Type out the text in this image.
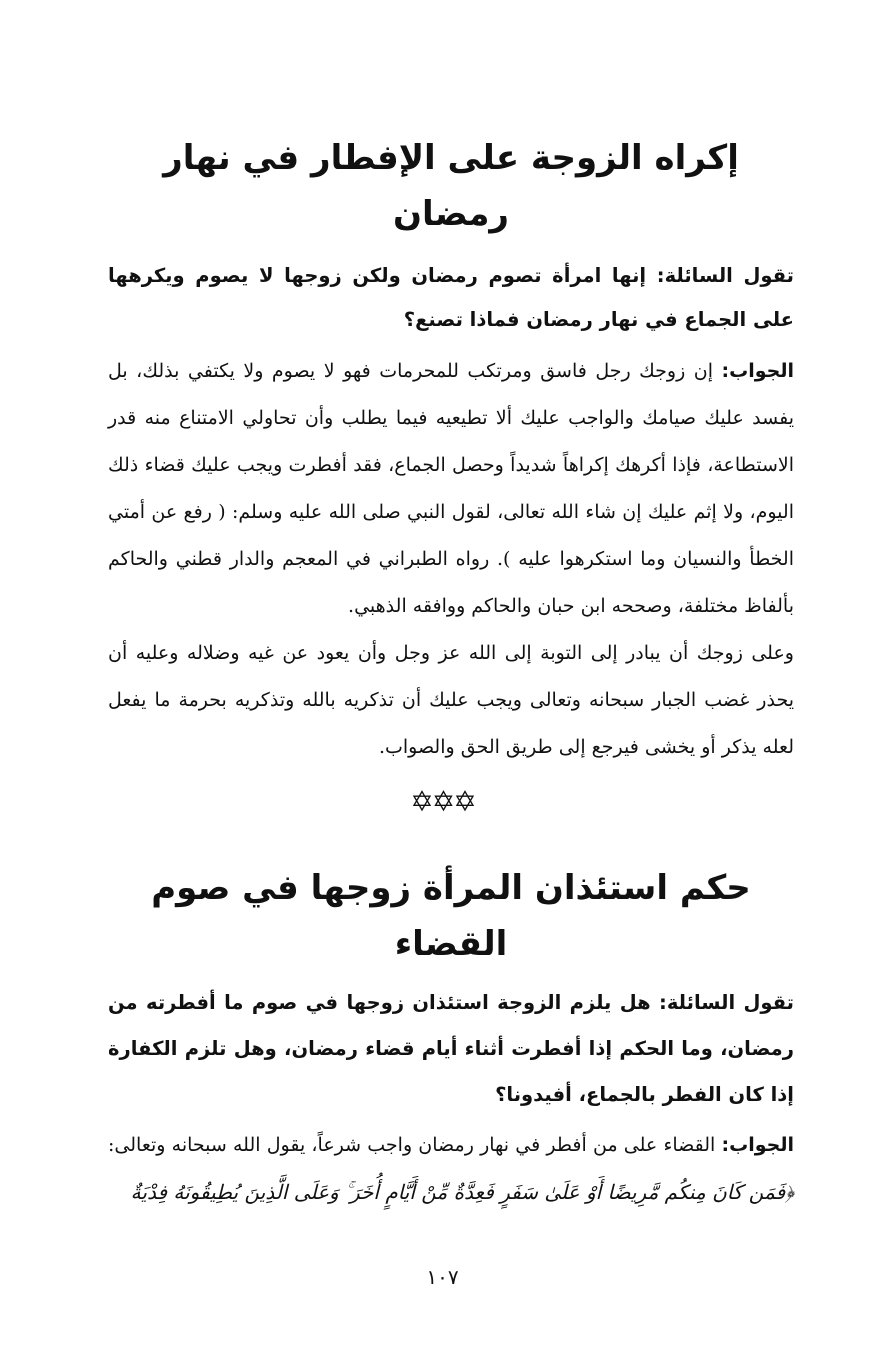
إكراه الزوجة على الإفطار في نهار رمضان

تقول السائلة: إنها امرأة تصوم رمضان ولكن زوجها لا يصوم ويكرهها على الجماع في نهار رمضان فماذا تصنع؟

الجواب: إن زوجك رجل فاسق ومرتكب للمحرمات فهو لا يصوم ولا يكتفي بذلك، بل يفسد عليك صيامك والواجب عليك ألا تطيعيه فيما يطلب وأن تحاولي الامتناع منه قدر الاستطاعة، فإذا أكرهك إكراهاً شديداً وحصل الجماع، فقد أفطرت ويجب عليك قضاء ذلك اليوم، ولا إثم عليك إن شاء الله تعالى، لقول النبي صلى الله عليه وسلم: ( رفع عن أمتي الخطأ والنسيان وما استكرهوا عليه ). رواه الطبراني في المعجم والدار قطني والحاكم بألفاظ مختلفة، وصححه ابن حبان والحاكم ووافقه الذهبي.

وعلى زوجك أن يبادر إلى التوبة إلى الله عز وجل وأن يعود عن غيه وضلاله وعليه أن يحذر غضب الجبار سبحانه وتعالى ويجب عليك أن تذكريه بالله وتذكريه بحرمة ما يفعل لعله يذكر أو يخشى فيرجع إلى طريق الحق والصواب.

✡✡✡
حكم استئذان المرأة زوجها في صوم القضاء

تقول السائلة: هل يلزم الزوجة استئذان زوجها في صوم ما أفطرته من رمضان، وما الحكم إذا أفطرت أثناء أيام قضاء رمضان، وهل تلزم الكفارة إذا كان الفطر بالجماع، أفيدونا؟

الجواب: القضاء على من أفطر في نهار رمضان واجب شرعاً، يقول الله سبحانه وتعالى: ﴿فَمَن كَانَ مِنكُم مَّرِيضًا أَوْ عَلَىٰ سَفَرٍ فَعِدَّةٌ مِّنْ أَيَّامٍ أُخَرَ ۚ وَعَلَى الَّذِينَ يُطِيقُونَهُ فِدْيَةٌ

١٠٧
